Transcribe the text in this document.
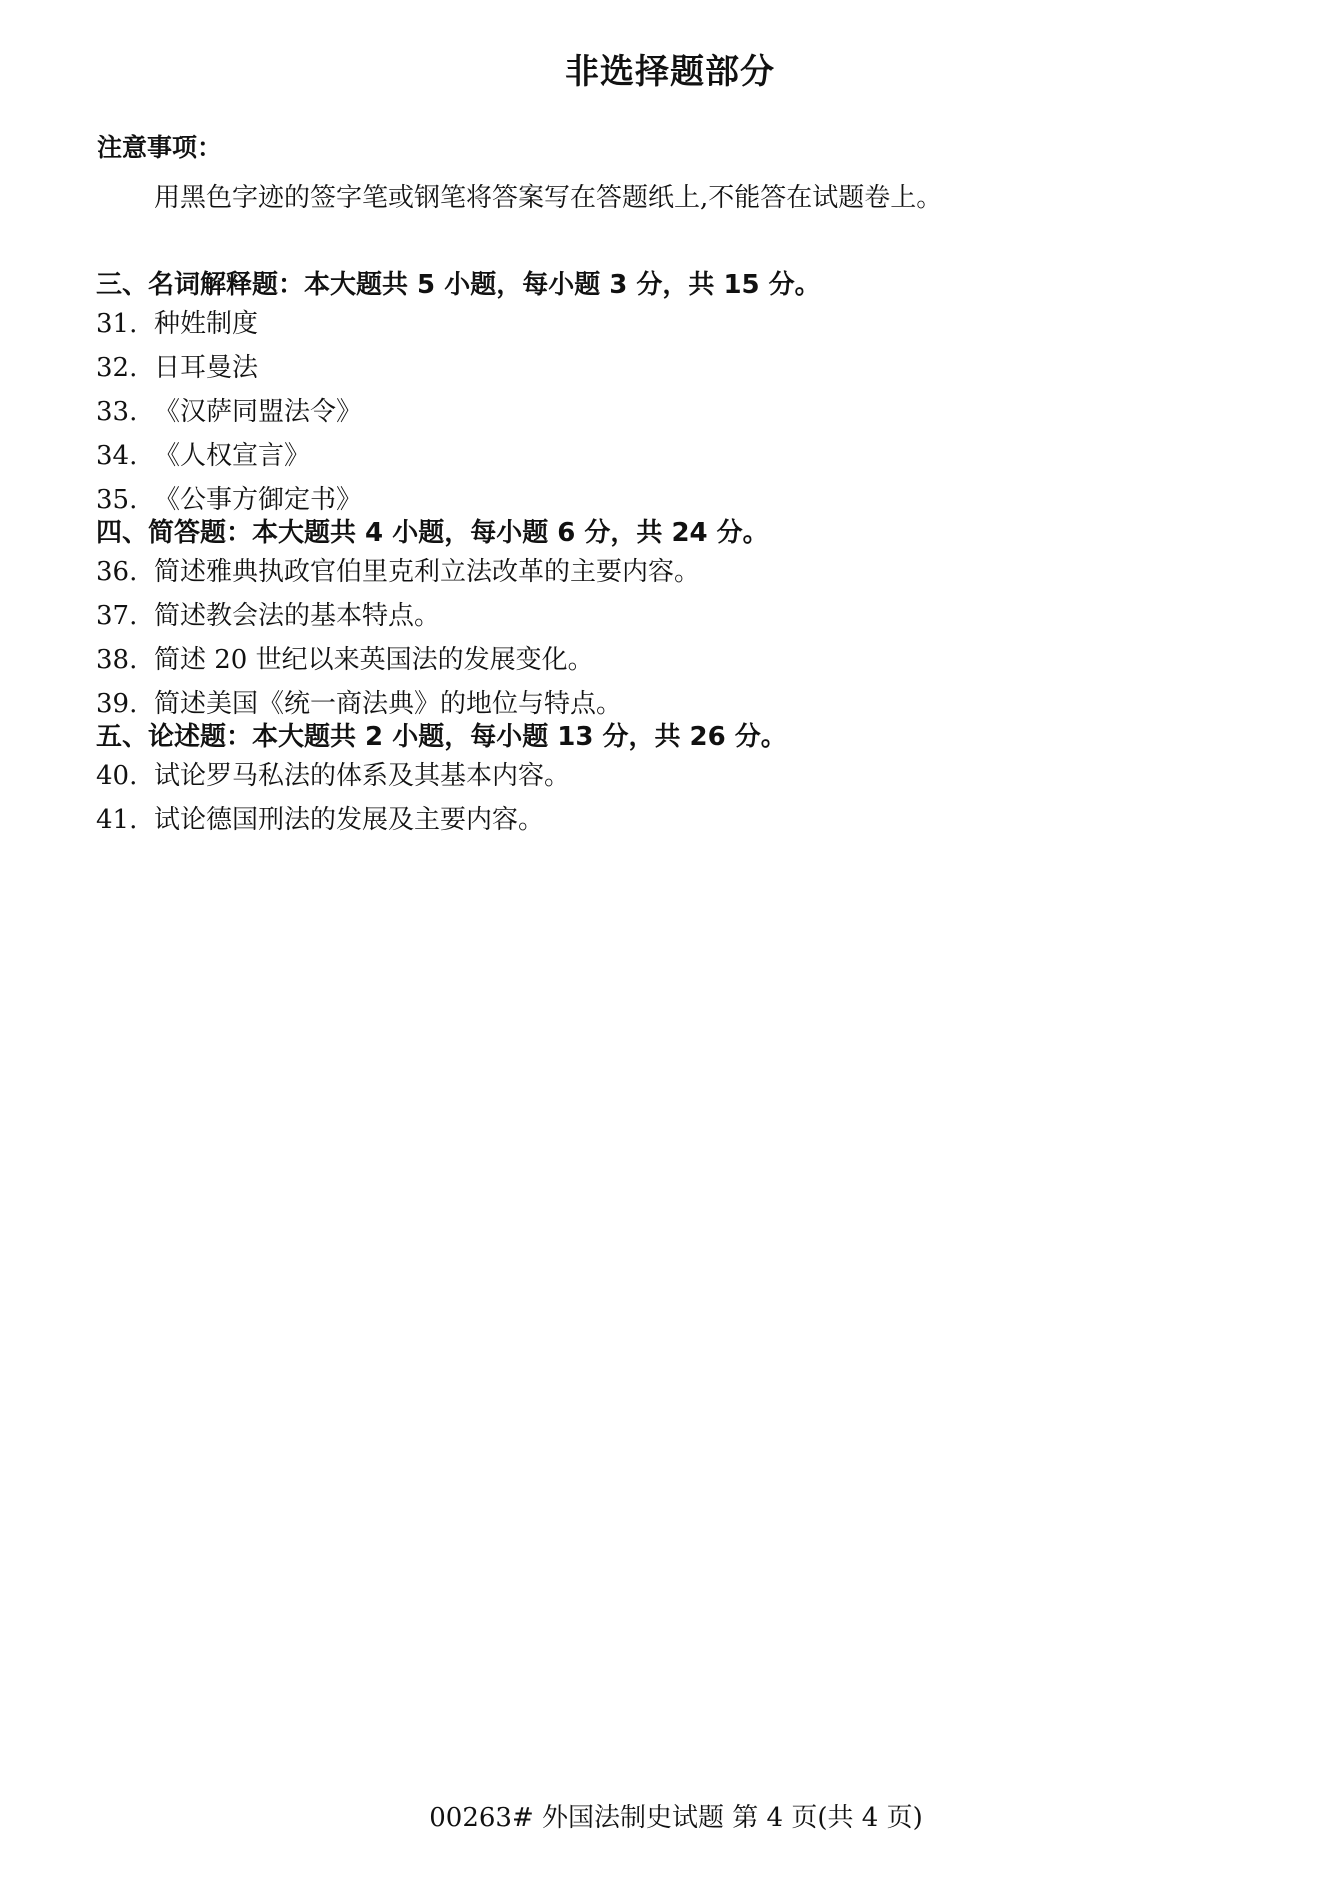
非选择题部分
注意事项：
用黑色字迹的签字笔或钢笔将答案写在答题纸上,不能答在试题卷上。
三、名词解释题：本大题共 5 小题，每小题 3 分，共 15 分。
31. 种姓制度
32. 日耳曼法
33. 《汉萨同盟法令》
34. 《人权宣言》
35. 《公事方御定书》
四、简答题：本大题共 4 小题，每小题 6 分，共 24 分。
36. 简述雅典执政官伯里克利立法改革的主要内容。
37. 简述教会法的基本特点。
38. 简述 20 世纪以来英国法的发展变化。
39. 简述美国《统一商法典》的地位与特点。
五、论述题：本大题共 2 小题，每小题 13 分，共 26 分。
40. 试论罗马私法的体系及其基本内容。
41. 试论德国刑法的发展及主要内容。
00263# 外国法制史试题 第 4 页(共 4 页)
